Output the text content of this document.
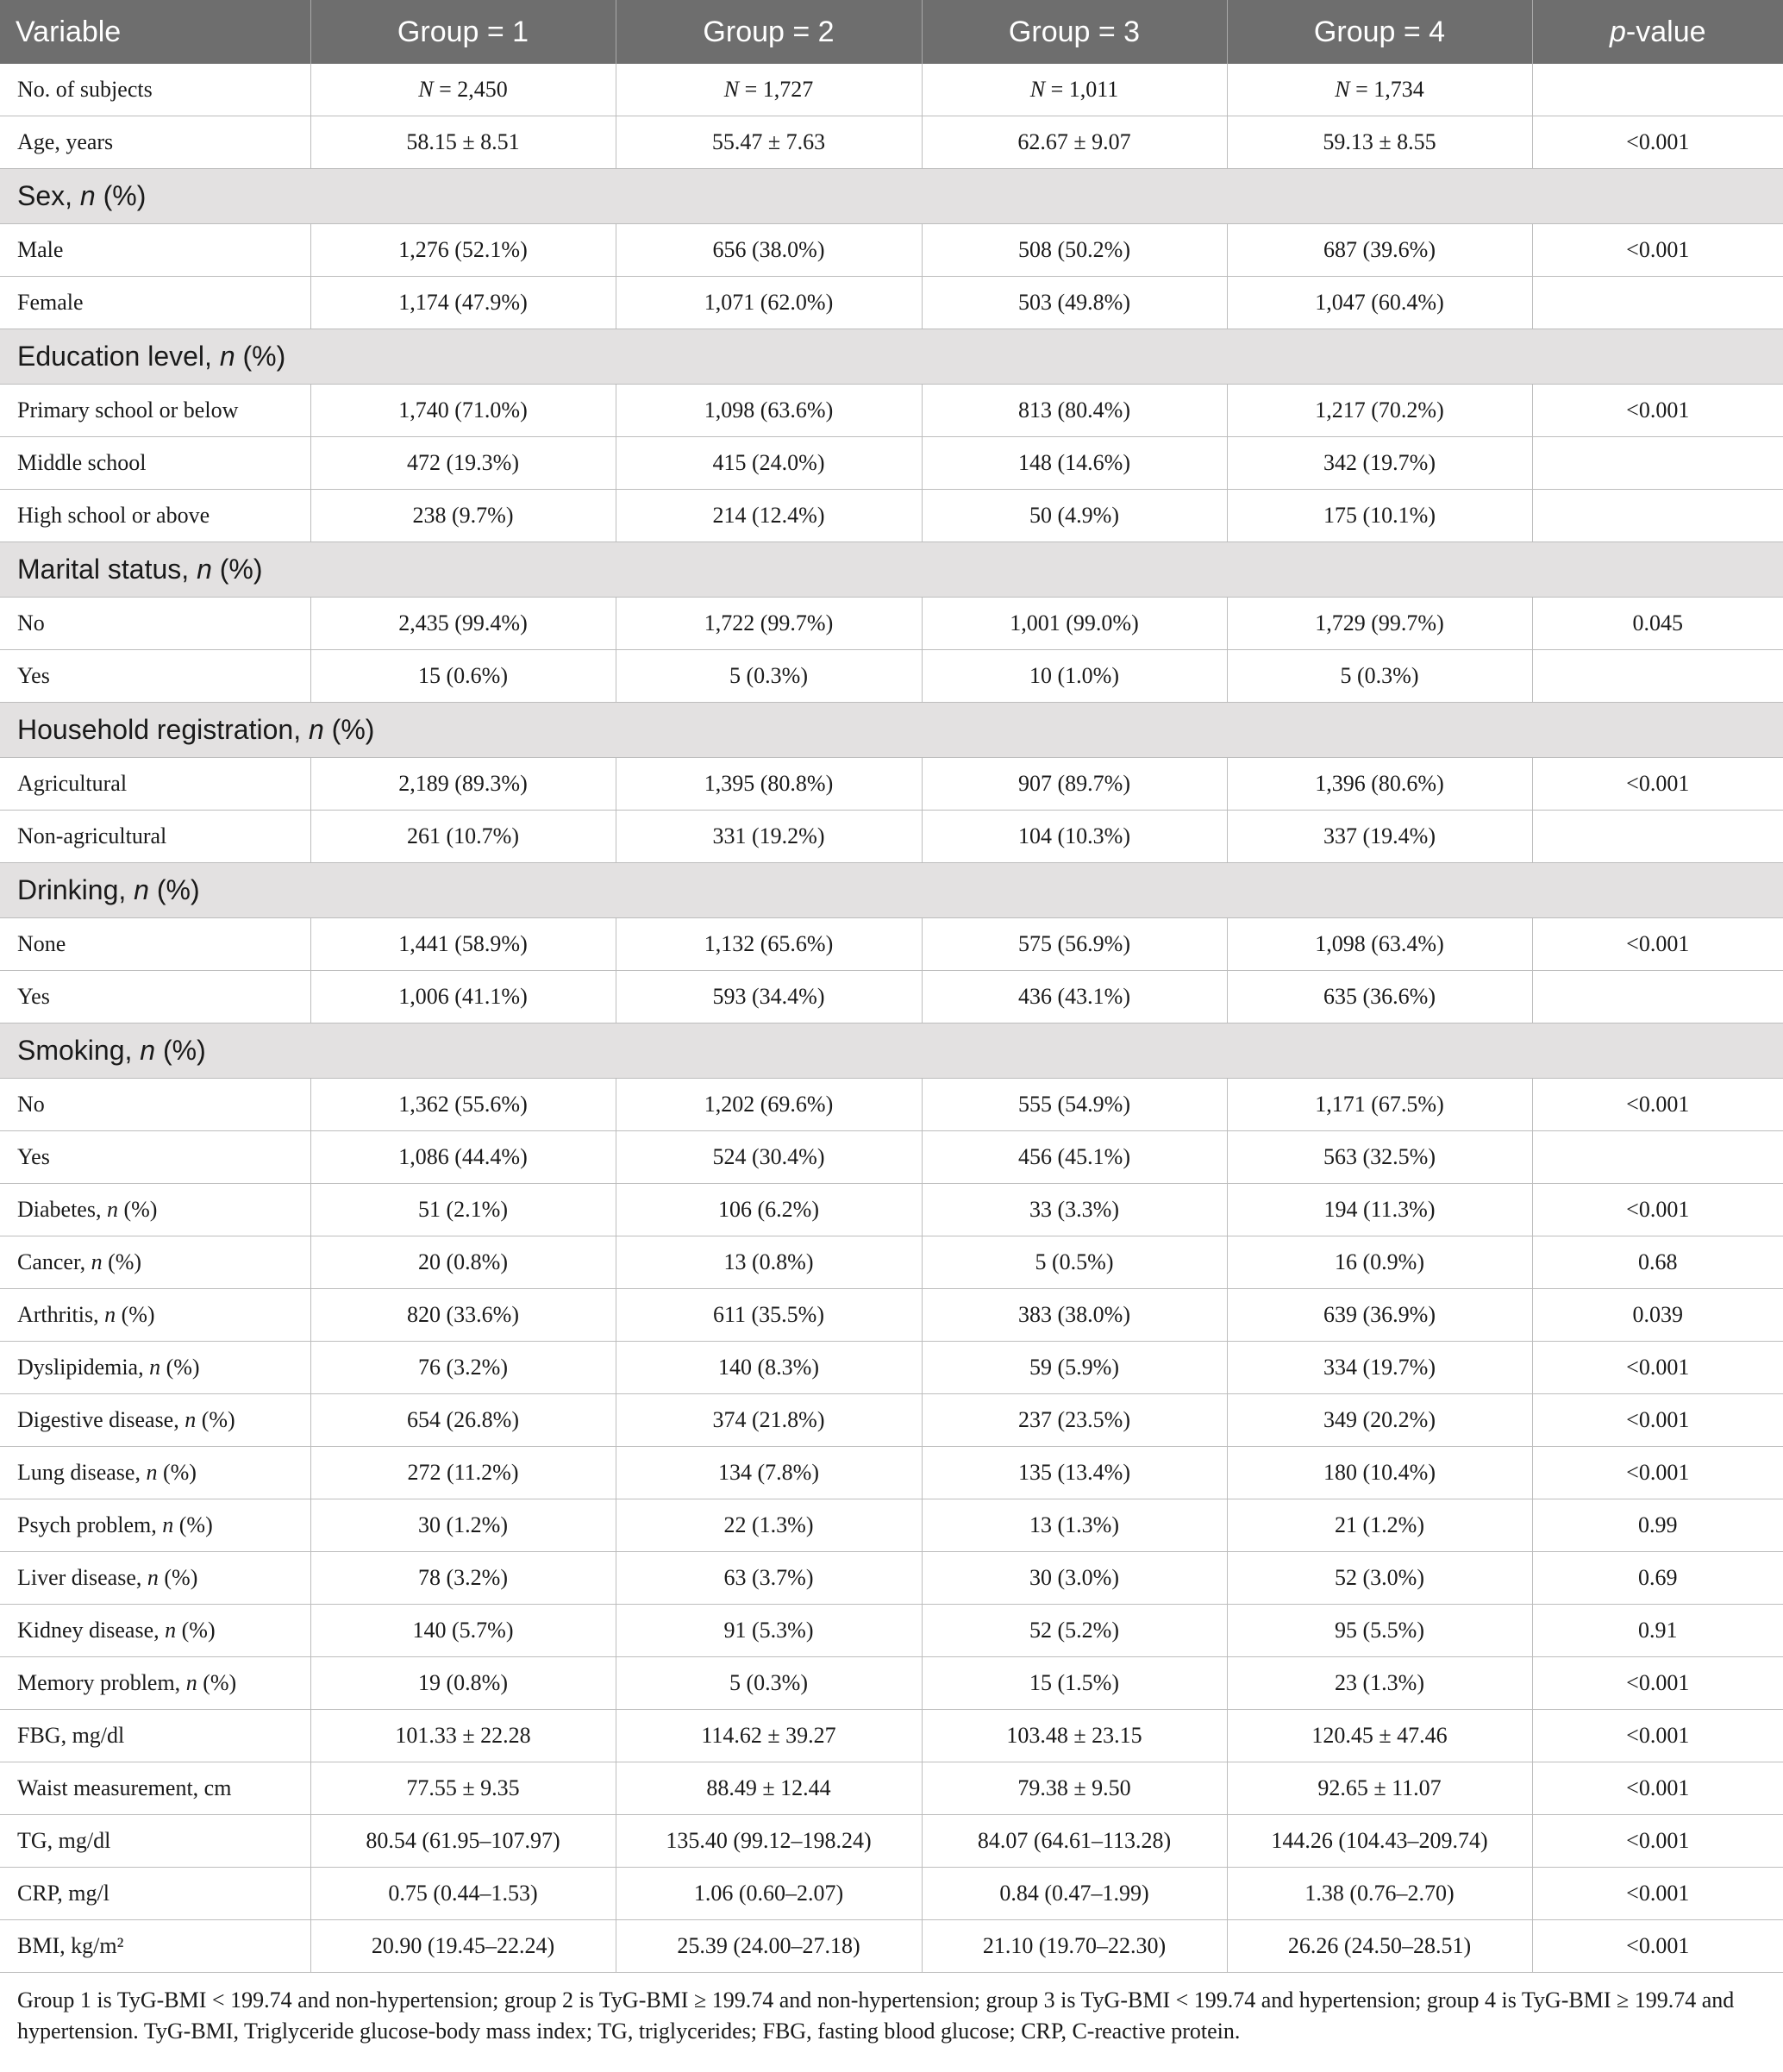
Variable	Group = 1	Group = 2	Group = 3	Group = 4	p-value
No. of subjects	N = 2,450	N = 1,727	N = 1,011	N = 1,734	
Age, years	58.15 ± 8.51	55.47 ± 7.63	62.67 ± 9.07	59.13 ± 8.55	<0.001
Sex, n (%)					
Male	1,276 (52.1%)	656 (38.0%)	508 (50.2%)	687 (39.6%)	<0.001
Female	1,174 (47.9%)	1,071 (62.0%)	503 (49.8%)	1,047 (60.4%)	
Education level, n (%)					
Primary school or below	1,740 (71.0%)	1,098 (63.6%)	813 (80.4%)	1,217 (70.2%)	<0.001
Middle school	472 (19.3%)	415 (24.0%)	148 (14.6%)	342 (19.7%)	
High school or above	238 (9.7%)	214 (12.4%)	50 (4.9%)	175 (10.1%)	
Marital status, n (%)					
No	2,435 (99.4%)	1,722 (99.7%)	1,001 (99.0%)	1,729 (99.7%)	0.045
Yes	15 (0.6%)	5 (0.3%)	10 (1.0%)	5 (0.3%)	
Household registration, n (%)					
Agricultural	2,189 (89.3%)	1,395 (80.8%)	907 (89.7%)	1,396 (80.6%)	<0.001
Non-agricultural	261 (10.7%)	331 (19.2%)	104 (10.3%)	337 (19.4%)	
Drinking, n (%)					
None	1,441 (58.9%)	1,132 (65.6%)	575 (56.9%)	1,098 (63.4%)	<0.001
Yes	1,006 (41.1%)	593 (34.4%)	436 (43.1%)	635 (36.6%)	
Smoking, n (%)					
No	1,362 (55.6%)	1,202 (69.6%)	555 (54.9%)	1,171 (67.5%)	<0.001
Yes	1,086 (44.4%)	524 (30.4%)	456 (45.1%)	563 (32.5%)	
Diabetes, n (%)	51 (2.1%)	106 (6.2%)	33 (3.3%)	194 (11.3%)	<0.001
Cancer, n (%)	20 (0.8%)	13 (0.8%)	5 (0.5%)	16 (0.9%)	0.68
Arthritis, n (%)	820 (33.6%)	611 (35.5%)	383 (38.0%)	639 (36.9%)	0.039
Dyslipidemia, n (%)	76 (3.2%)	140 (8.3%)	59 (5.9%)	334 (19.7%)	<0.001
Digestive disease, n (%)	654 (26.8%)	374 (21.8%)	237 (23.5%)	349 (20.2%)	<0.001
Lung disease, n (%)	272 (11.2%)	134 (7.8%)	135 (13.4%)	180 (10.4%)	<0.001
Psych problem, n (%)	30 (1.2%)	22 (1.3%)	13 (1.3%)	21 (1.2%)	0.99
Liver disease, n (%)	78 (3.2%)	63 (3.7%)	30 (3.0%)	52 (3.0%)	0.69
Kidney disease, n (%)	140 (5.7%)	91 (5.3%)	52 (5.2%)	95 (5.5%)	0.91
Memory problem, n (%)	19 (0.8%)	5 (0.3%)	15 (1.5%)	23 (1.3%)	<0.001
FBG, mg/dl	101.33 ± 22.28	114.62 ± 39.27	103.48 ± 23.15	120.45 ± 47.46	<0.001
Waist measurement, cm	77.55 ± 9.35	88.49 ± 12.44	79.38 ± 9.50	92.65 ± 11.07	<0.001
TG, mg/dl	80.54 (61.95–107.97)	135.40 (99.12–198.24)	84.07 (64.61–113.28)	144.26 (104.43–209.74)	<0.001
CRP, mg/l	0.75 (0.44–1.53)	1.06 (0.60–2.07)	0.84 (0.47–1.99)	1.38 (0.76–2.70)	<0.001
BMI, kg/m²	20.90 (19.45–22.24)	25.39 (24.00–27.18)	21.10 (19.70–22.30)	26.26 (24.50–28.51)	<0.001
Group 1 is TyG-BMI < 199.74 and non-hypertension; group 2 is TyG-BMI ≥ 199.74 and non-hypertension; group 3 is TyG-BMI < 199.74 and hypertension; group 4 is TyG-BMI ≥ 199.74 and hypertension. TyG-BMI, Triglyceride glucose-body mass index; TG, triglycerides; FBG, fasting blood glucose; CRP, C-reactive protein.
